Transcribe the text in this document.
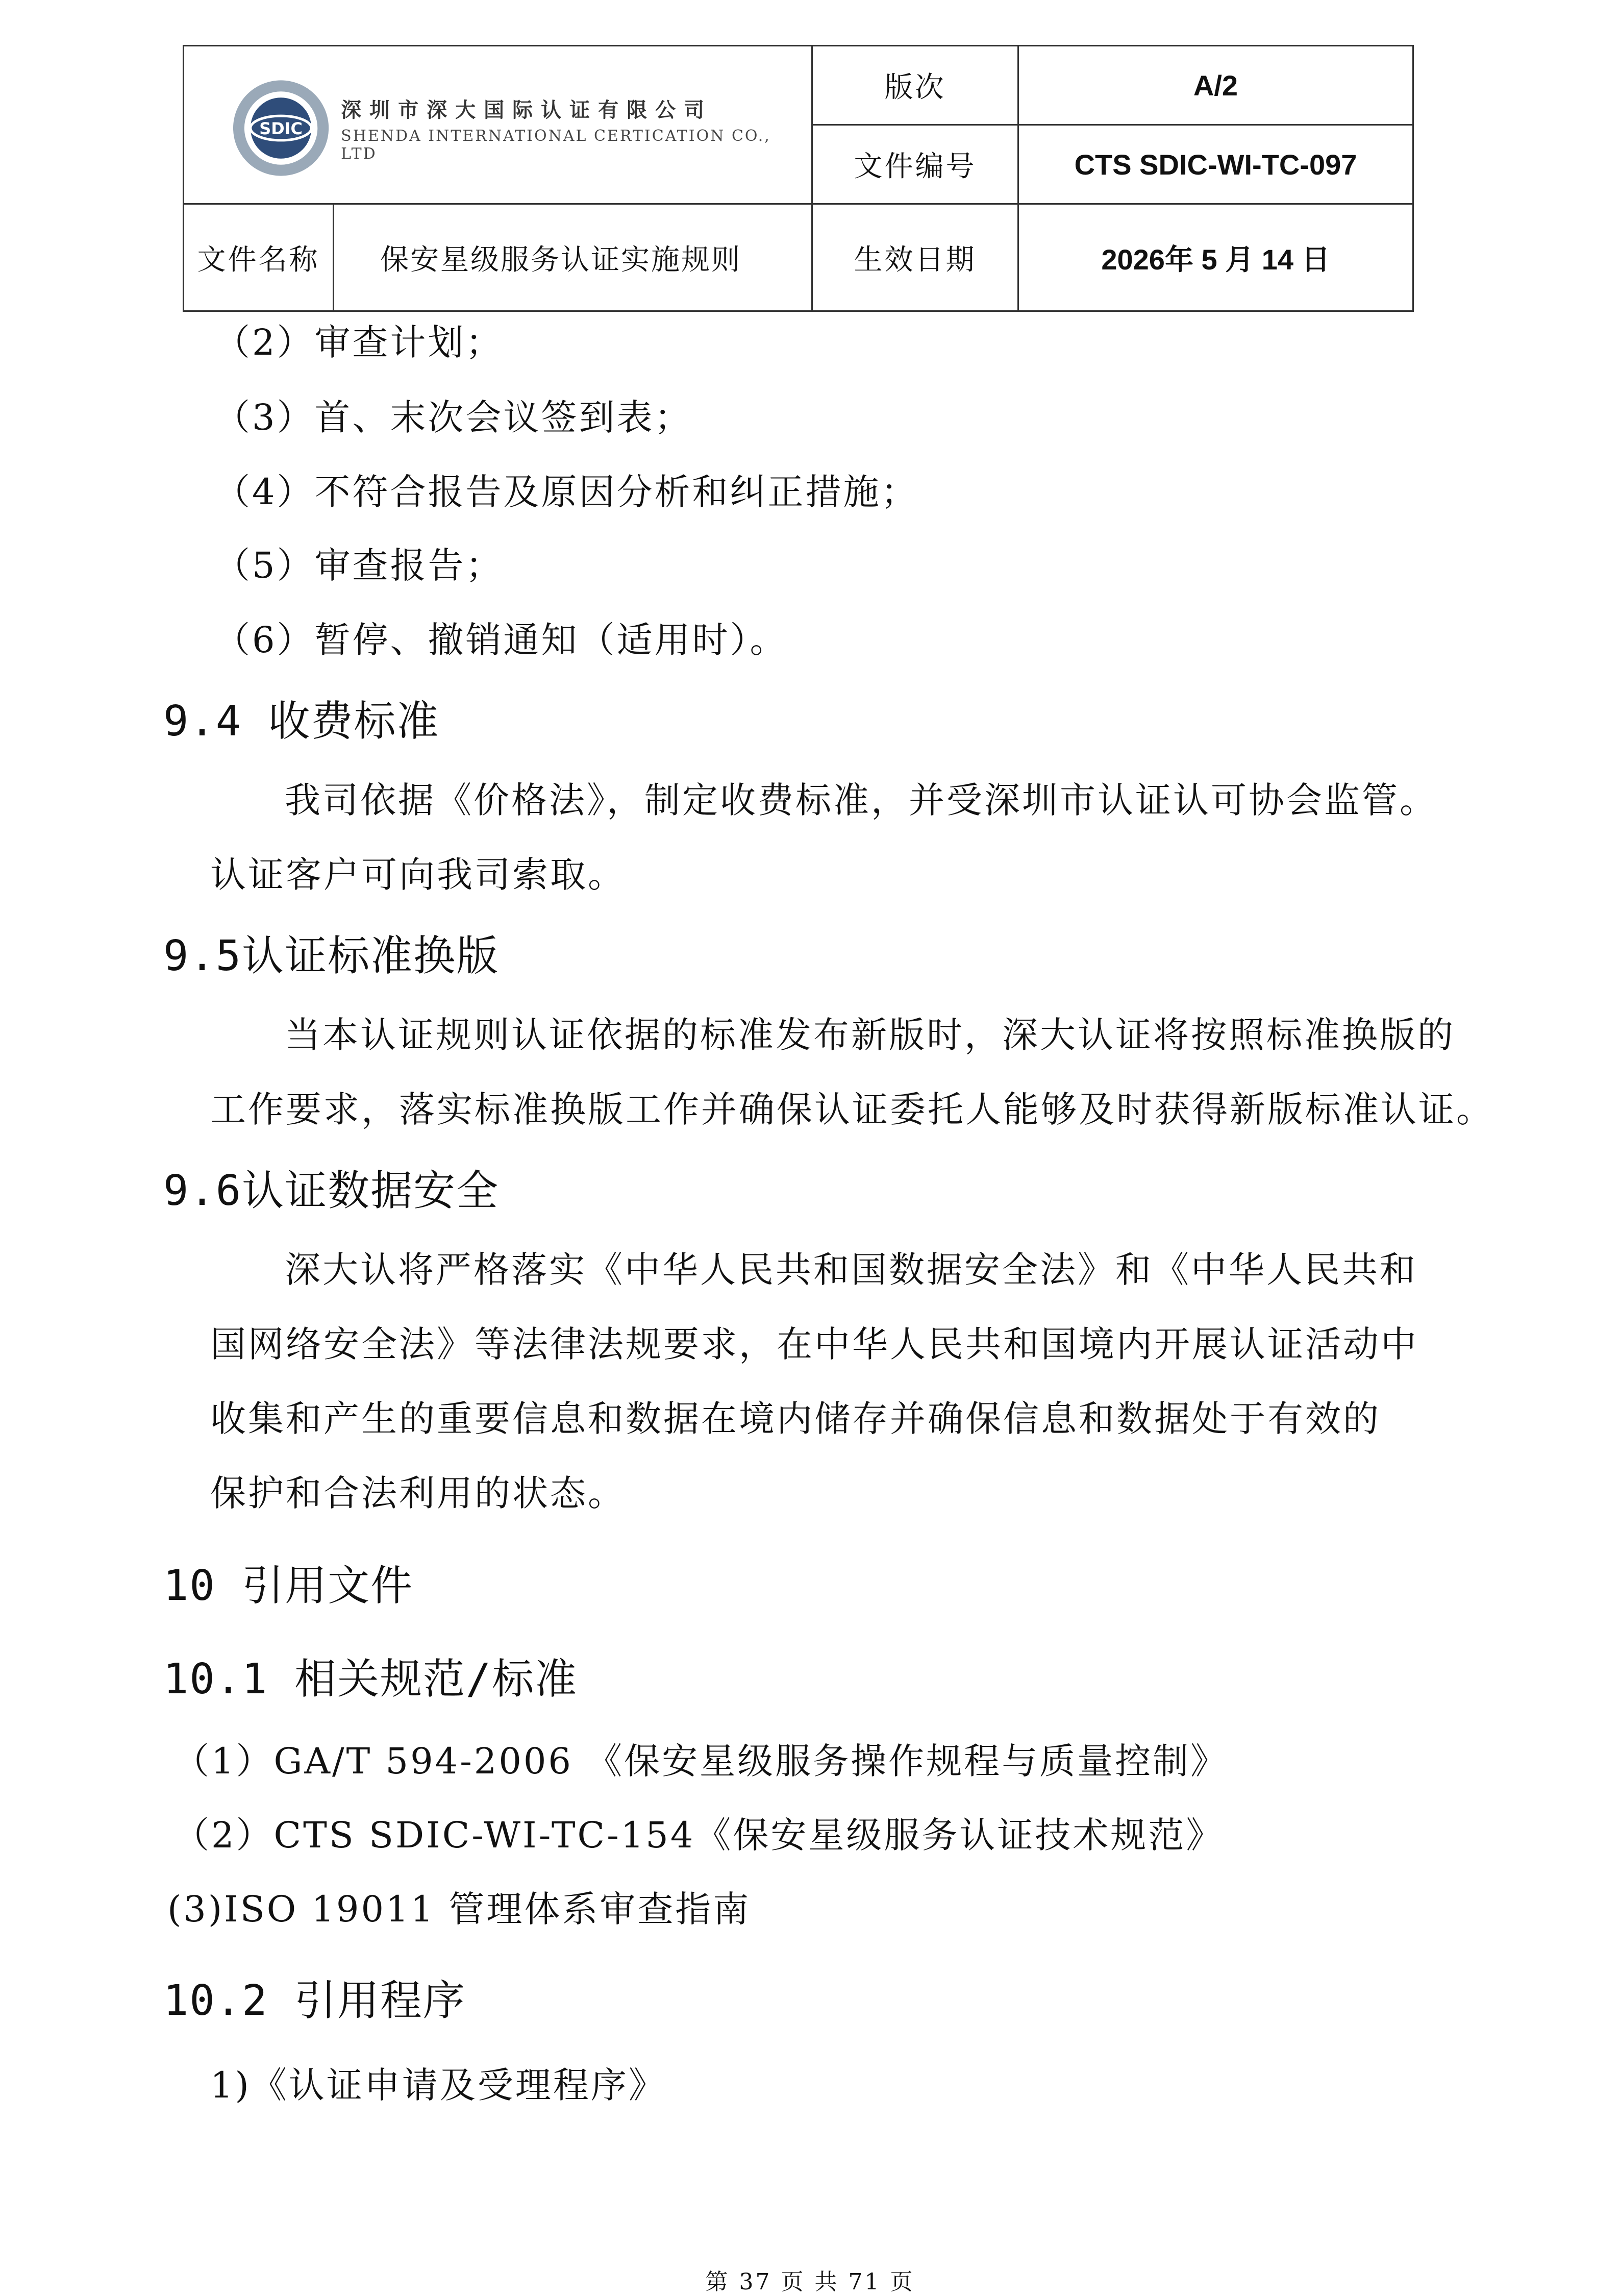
SDIC
深圳市深大国际认证有限公司
SHENDA INTERNATIONAL CERTICATION CO., LTD		版次	A/2
		文件编号	CTS SDIC-WI-TC-097
文件名称	保安星级服务认证实施规则	生效日期	2026年 5 月 14 日
（2）审查计划；
（3）首、末次会议签到表；
（4）不符合报告及原因分析和纠正措施；
（5）审查报告；
（6）暂停、撤销通知（适用时）。
9.4 收费标准
我司依据《价格法》，制定收费标准，并受深圳市认证认可协会监管。
认证客户可向我司索取。
9.5认证标准换版
当本认证规则认证依据的标准发布新版时，深大认证将按照标准换版的
工作要求，落实标准换版工作并确保认证委托人能够及时获得新版标准认证。
9.6认证数据安全
深大认将严格落实《中华人民共和国数据安全法》和《中华人民共和
国网络安全法》等法律法规要求，在中华人民共和国境内开展认证活动中
收集和产生的重要信息和数据在境内储存并确保信息和数据处于有效的
保护和合法利用的状态。
10 引用文件
10.1 相关规范/标准
（1）GA/T 594-2006 《保安星级服务操作规程与质量控制》
（2）CTS SDIC-WI-TC-154《保安星级服务认证技术规范》
(3)ISO 19011 管理体系审查指南
10.2 引用程序
1)《认证申请及受理程序》
第 37 页 共 71 页
